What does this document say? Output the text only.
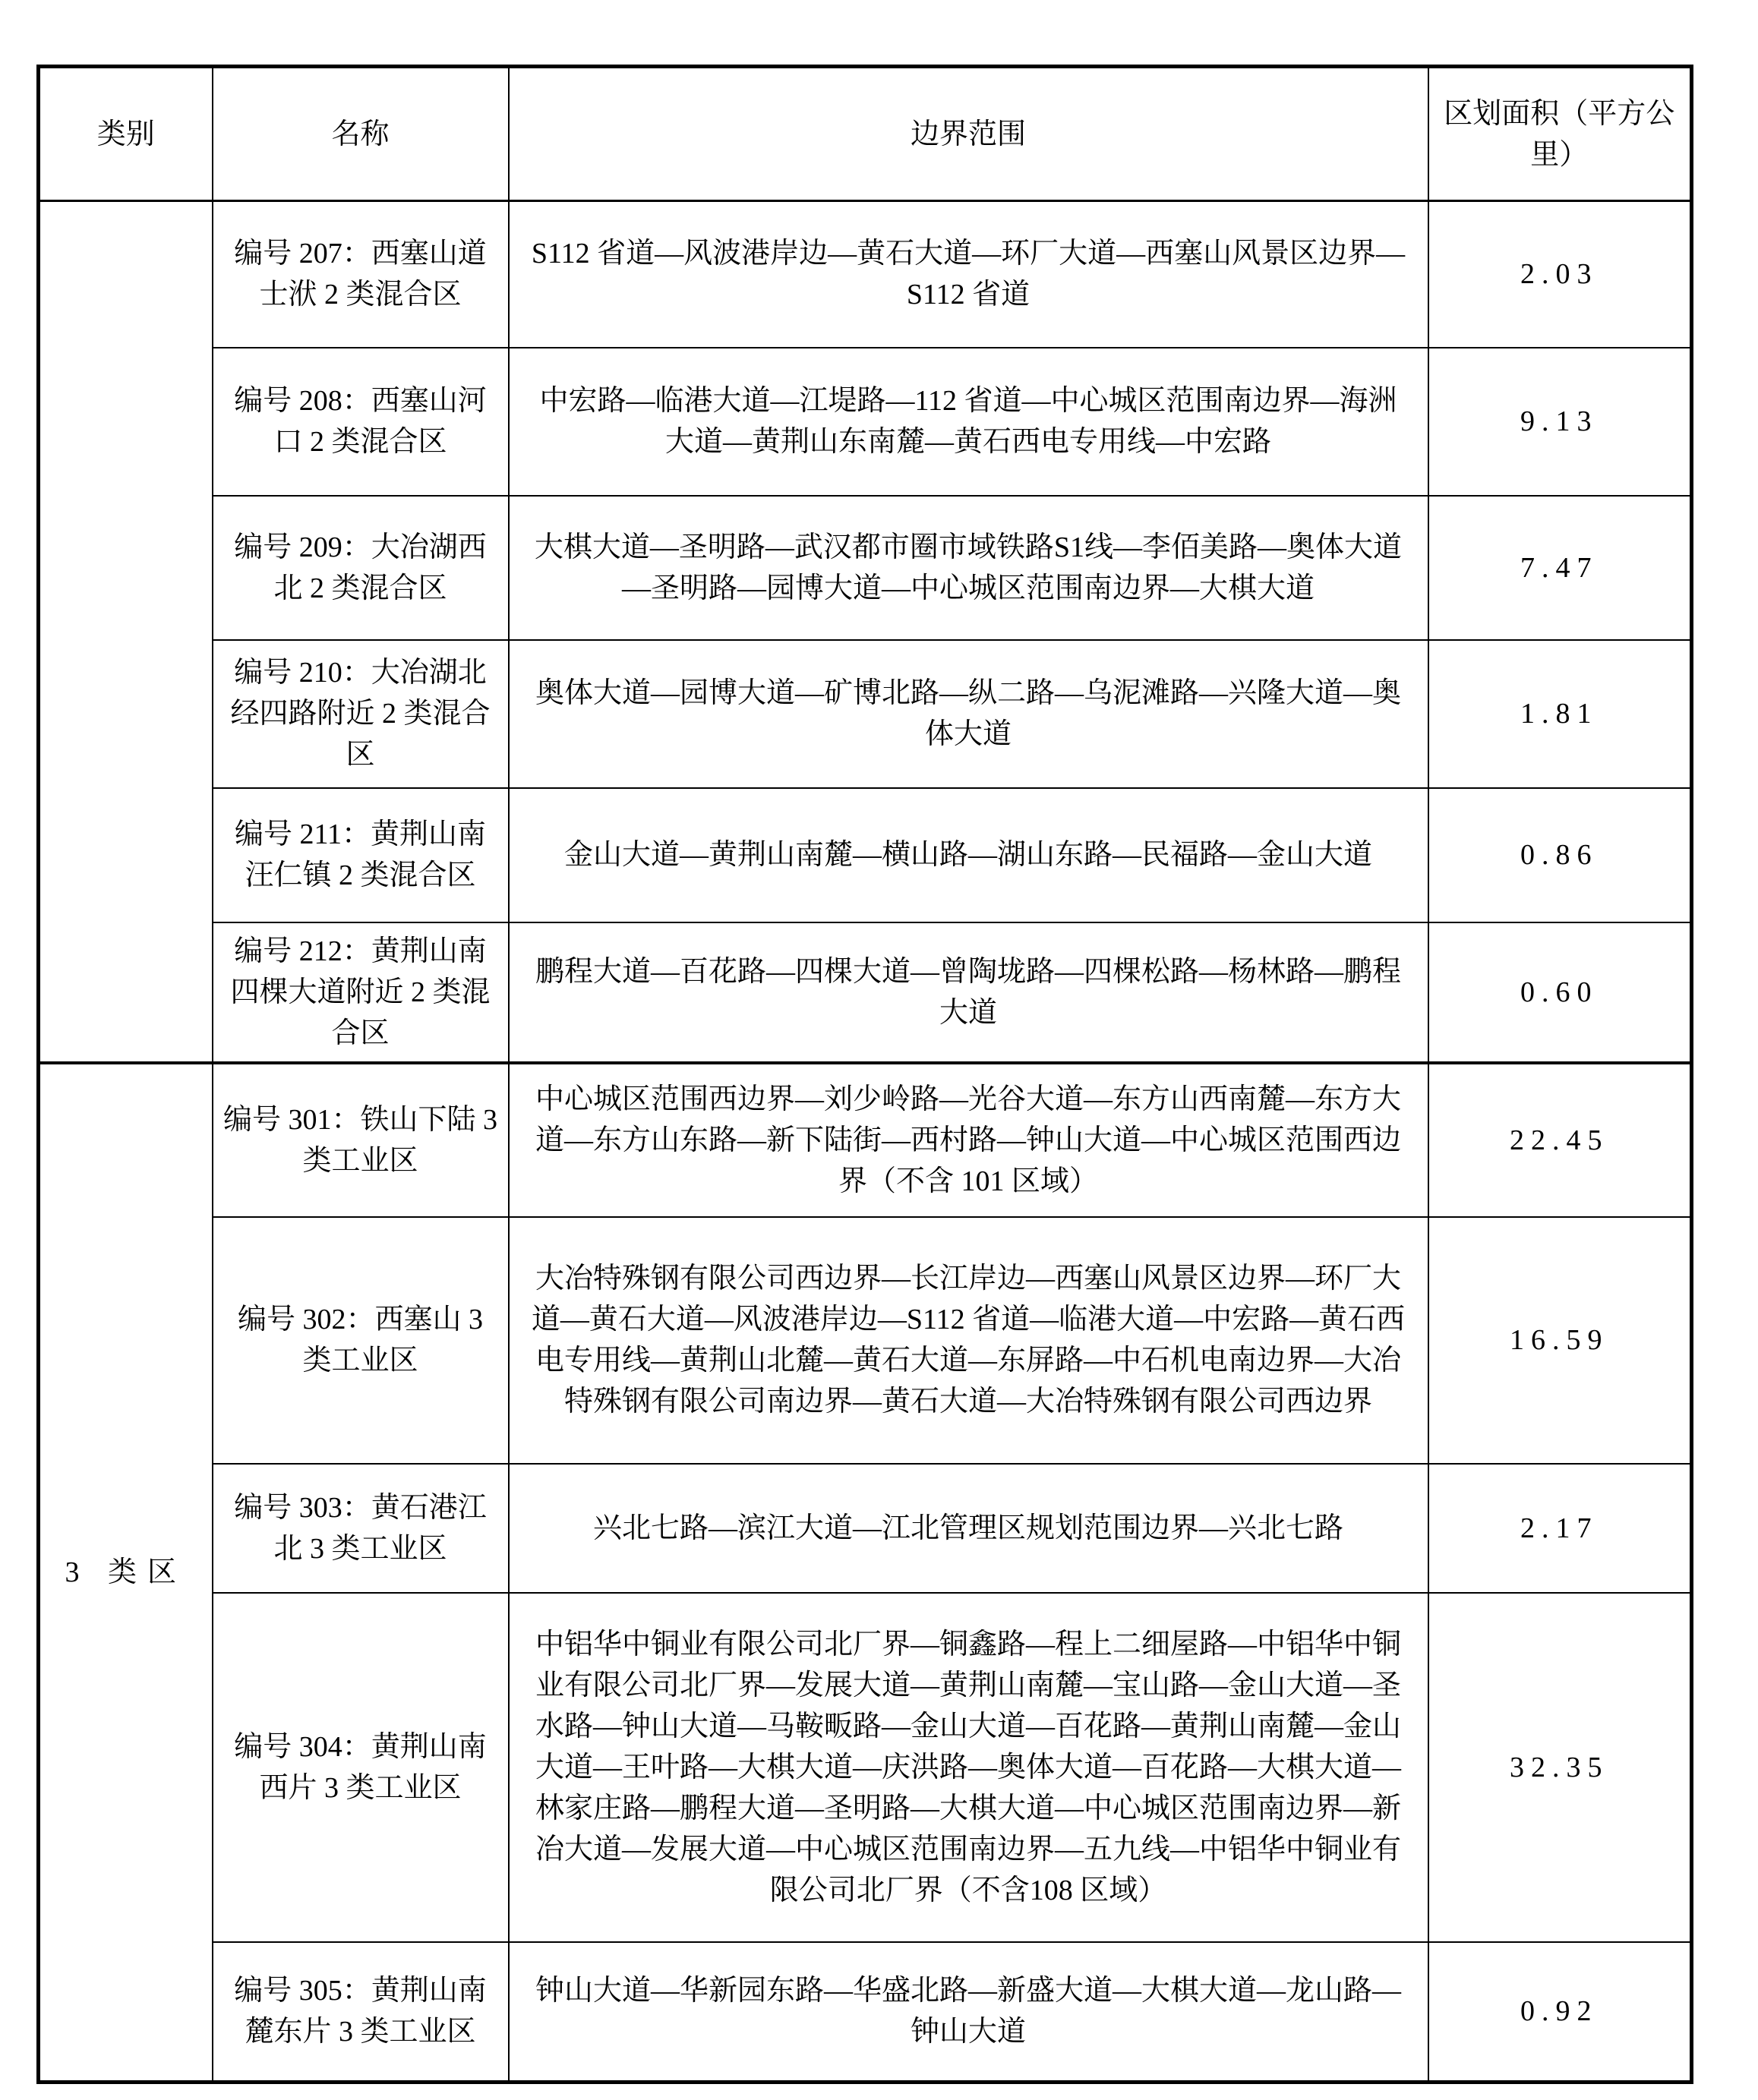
类别	名称	边界范围	区划面积（平方公里）
	编号 207：西塞山道士洑 2 类混合区	S112 省道—风波港岸边—黄石大道—环厂大道—西塞山风景区边界—S112 省道	2.03
	编号 208：西塞山河口 2 类混合区	中宏路—临港大道—江堤路—112 省道—中心城区范围南边界—海洲大道—黄荆山东南麓—黄石西电专用线—中宏路	9.13
	编号 209：大冶湖西北 2 类混合区	大棋大道—圣明路—武汉都市圈市域铁路S1线—李佰美路—奥体大道—圣明路—园博大道—中心城区范围南边界—大棋大道	7.47
	编号 210：大冶湖北经四路附近 2 类混合区	奥体大道—园博大道—矿博北路—纵二路—乌泥滩路—兴隆大道—奥体大道	1.81
	编号 211：黄荆山南汪仁镇 2 类混合区	金山大道—黄荆山南麓—横山路—湖山东路—民福路—金山大道	0.86
	编号 212：黄荆山南四棵大道附近 2 类混合区	鹏程大道—百花路—四棵大道—曾陶垅路—四棵松路—杨林路—鹏程大道	0.60
3 类区	编号 301：铁山下陆 3 类工业区	中心城区范围西边界—刘少岭路—光谷大道—东方山西南麓—东方大道—东方山东路—新下陆街—西村路—钟山大道—中心城区范围西边界（不含 101 区域）	22.45
	编号 302：西塞山 3 类工业区	大冶特殊钢有限公司西边界—长江岸边—西塞山风景区边界—环厂大道—黄石大道—风波港岸边—S112 省道—临港大道—中宏路—黄石西电专用线—黄荆山北麓—黄石大道—东屏路—中石机电南边界—大冶特殊钢有限公司南边界—黄石大道—大冶特殊钢有限公司西边界	16.59
	编号 303：黄石港江北 3 类工业区	兴北七路—滨江大道—江北管理区规划范围边界—兴北七路	2.17
	编号 304：黄荆山南西片 3 类工业区	中铝华中铜业有限公司北厂界—铜鑫路—程上二细屋路—中铝华中铜业有限公司北厂界—发展大道—黄荆山南麓—宝山路—金山大道—圣水路—钟山大道—马鞍畈路—金山大道—百花路—黄荆山南麓—金山大道—王叶路—大棋大道—庆洪路—奥体大道—百花路—大棋大道—林家庄路—鹏程大道—圣明路—大棋大道—中心城区范围南边界—新冶大道—发展大道—中心城区范围南边界—五九线—中铝华中铜业有限公司北厂界（不含108 区域）	32.35
	编号 305：黄荆山南麓东片 3 类工业区	钟山大道—华新园东路—华盛北路—新盛大道—大棋大道—龙山路—钟山大道	0.92
